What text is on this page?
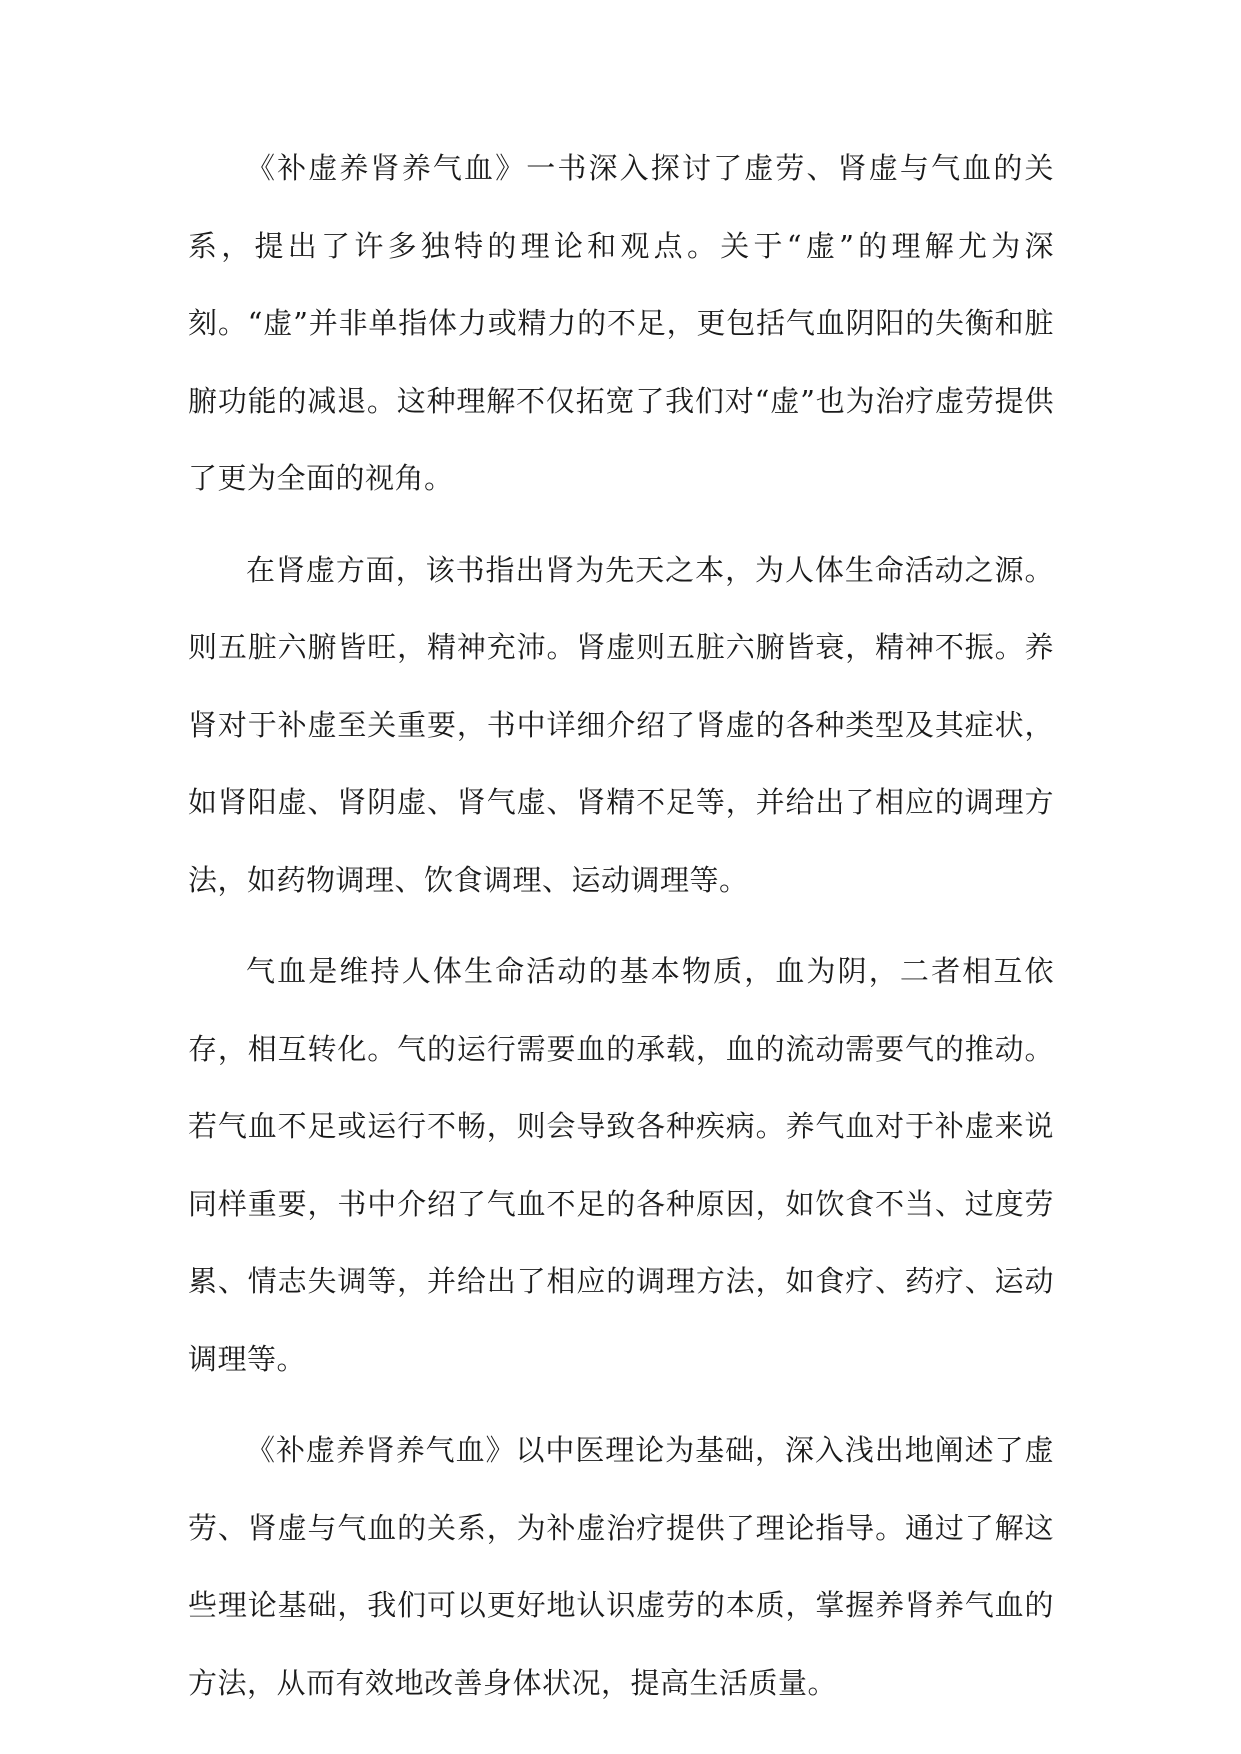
《补虚养肾养气血》一书深入探讨了虚劳、肾虚与气血的关系，提出了许多独特的理论和观点。关于“虚”的理解尤为深刻。“虚”并非单指体力或精力的不足，更包括气血阴阳的失衡和脏腑功能的减退。这种理解不仅拓宽了我们对“虚”也为治疗虚劳提供了更为全面的视角。

在肾虚方面，该书指出肾为先天之本，为人体生命活动之源。则五脏六腑皆旺，精神充沛。肾虚则五脏六腑皆衰，精神不振。养肾对于补虚至关重要，书中详细介绍了肾虚的各种类型及其症状，如肾阳虚、肾阴虚、肾气虚、肾精不足等，并给出了相应的调理方法，如药物调理、饮食调理、运动调理等。

气血是维持人体生命活动的基本物质，血为阴，二者相互依存，相互转化。气的运行需要血的承载，血的流动需要气的推动。若气血不足或运行不畅，则会导致各种疾病。养气血对于补虚来说同样重要，书中介绍了气血不足的各种原因，如饮食不当、过度劳累、情志失调等，并给出了相应的调理方法，如食疗、药疗、运动调理等。

《补虚养肾养气血》以中医理论为基础，深入浅出地阐述了虚劳、肾虚与气血的关系，为补虚治疗提供了理论指导。通过了解这些理论基础，我们可以更好地认识虚劳的本质，掌握养肾养气血的方法，从而有效地改善身体状况，提高生活质量。
